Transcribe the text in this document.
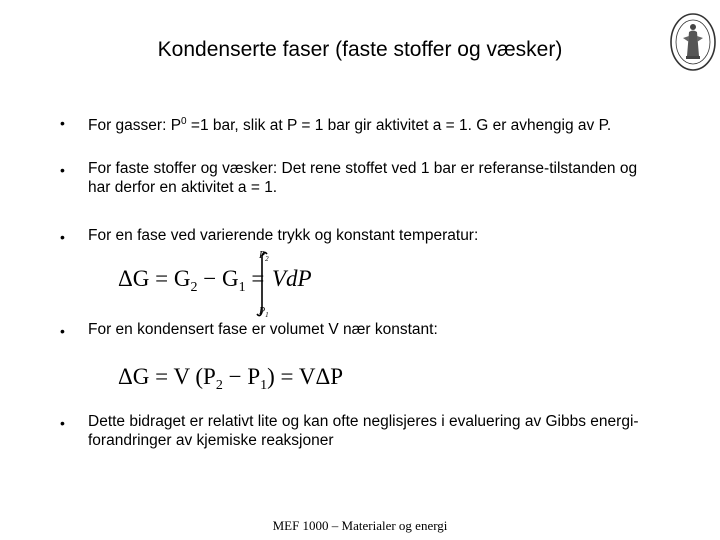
Kondenserte faser (faste stoffer og væsker)
• For gasser: $P^0 =1$ bar, slik at P = 1 bar gir aktivitet a = 1. G er avhengig av P.
• For faste stoffer og væsker: Det rene stoffet ved 1 bar er referanse-tilstanden og har derfor en aktivitet a = 1.
• For en fase ved varierende trykk og konstant temperatur:
$\Delta G = G_2 - G_1$ =
$P_2$
$P_1$
VdP
• For en kondensert fase er volumet V nær konstant:
ΔG = V $(P_2 - P_1) = V\Delta P$
• Dette bidraget er relativt lite og kan ofte neglisjeres i evaluering av Gibbs energi-forandringer av kjemiske reaksjoner
MEF 1000 – Materialer og energi
